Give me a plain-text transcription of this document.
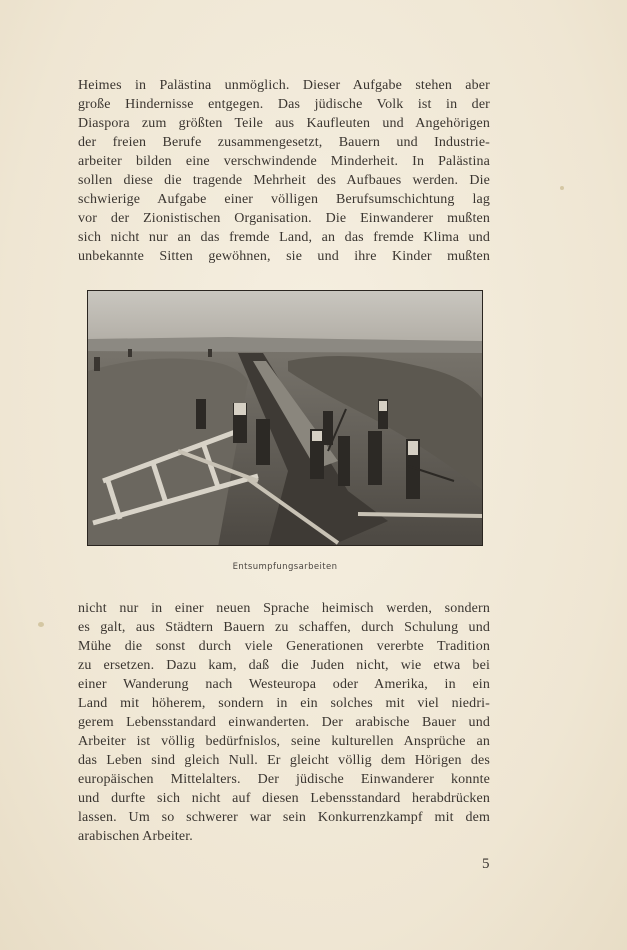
Heimes in Palästina unmöglich. Dieser Aufgabe stehen aber
große Hindernisse entgegen. Das jüdische Volk ist in der
Diaspora zum größten Teile aus Kaufleuten und Angehörigen
der freien Berufe zusammengesetzt, Bauern und Industrie-
arbeiter bilden eine verschwindende Minderheit. In Palästina
sollen diese die tragende Mehrheit des Aufbaues werden. Die
schwierige Aufgabe einer völligen Berufsumschichtung lag
vor der Zionistischen Organisation. Die Einwanderer mußten
sich nicht nur an das fremde Land, an das fremde Klima und
unbekannte Sitten gewöhnen, sie und ihre Kinder mußten

Entsumpfungsarbeiten

nicht nur in einer neuen Sprache heimisch werden, sondern
es galt, aus Städtern Bauern zu schaffen, durch Schulung und
Mühe die sonst durch viele Generationen vererbte Tradition
zu ersetzen. Dazu kam, daß die Juden nicht, wie etwa bei
einer Wanderung nach Westeuropa oder Amerika, in ein
Land mit höherem, sondern in ein solches mit viel niedri-
gerem Lebensstandard einwanderten. Der arabische Bauer und
Arbeiter ist völlig bedürfnislos, seine kulturellen Ansprüche an
das Leben sind gleich Null. Er gleicht völlig dem Hörigen des
europäischen Mittelalters. Der jüdische Einwanderer konnte
und durfte sich nicht auf diesen Lebensstandard herabdrücken
lassen. Um so schwerer war sein Konkurrenzkampf mit dem
arabischen Arbeiter.

5
